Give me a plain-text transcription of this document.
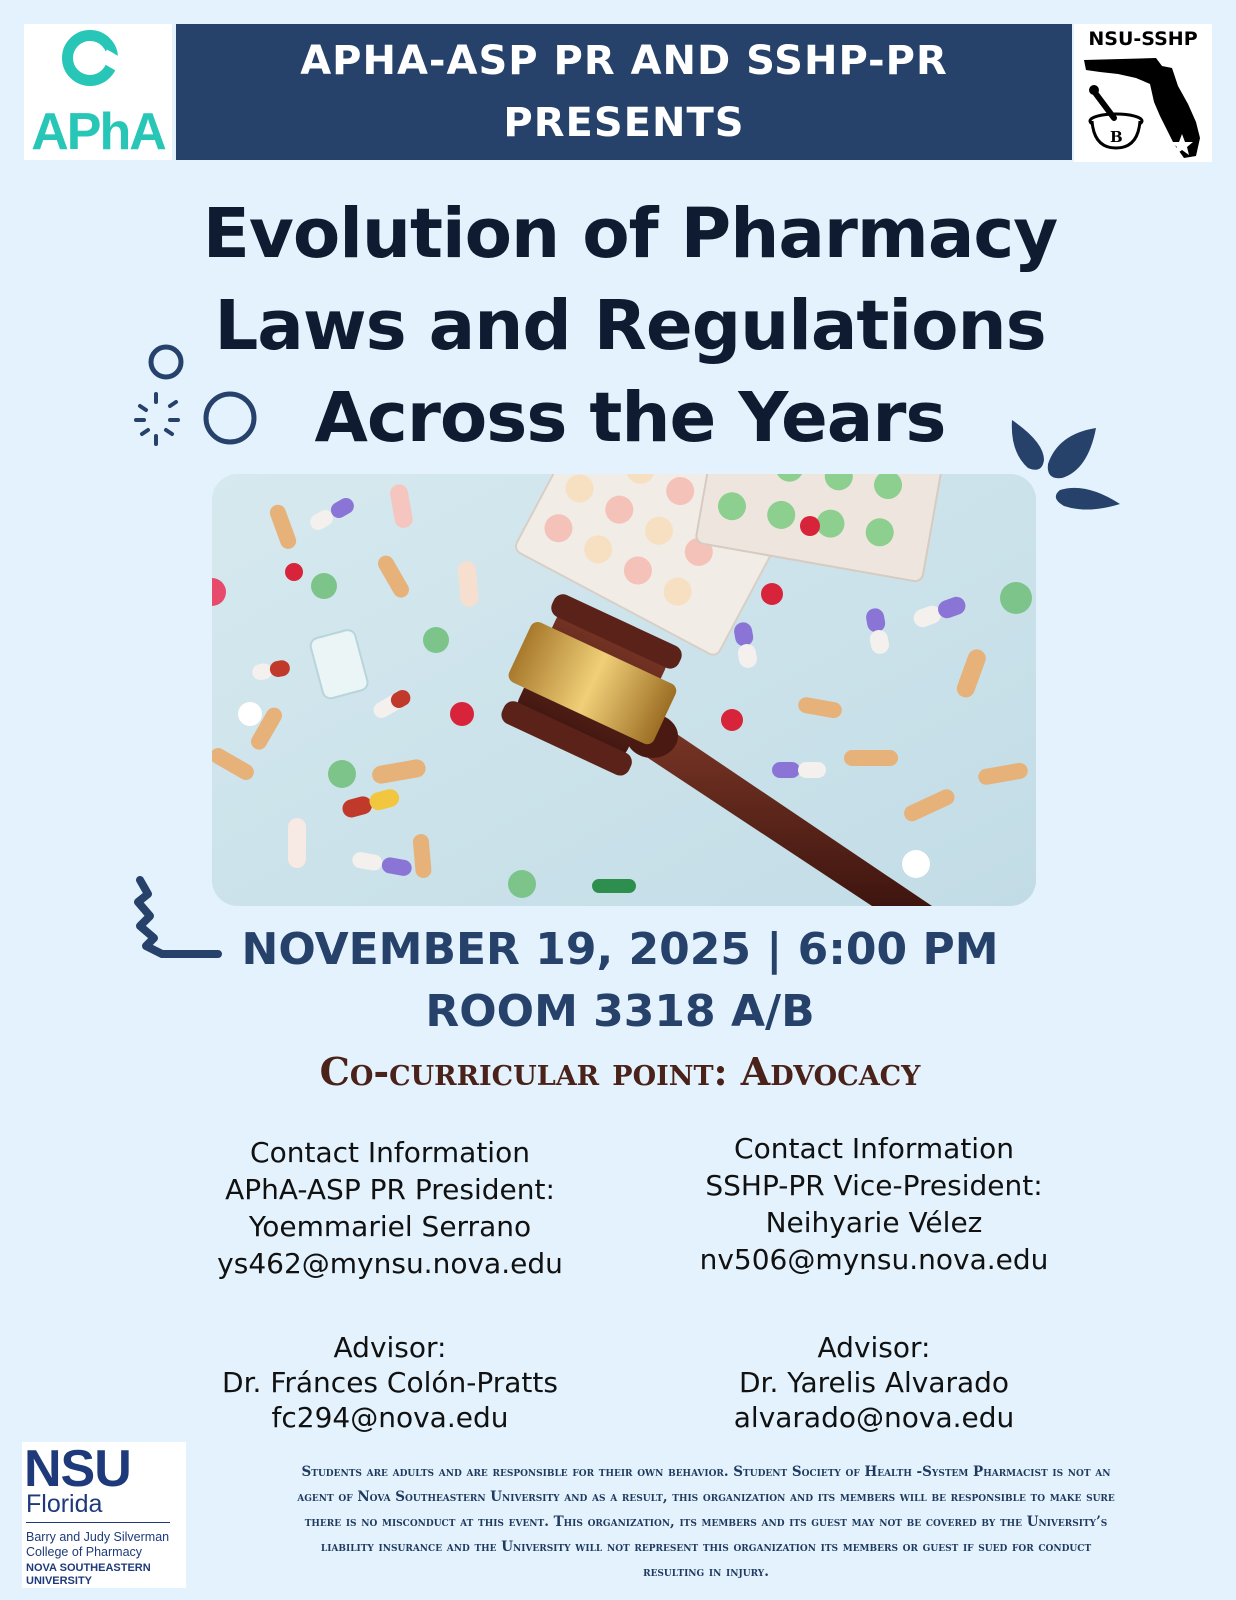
APhA
APHA-ASP PR AND SSHP-PR
PRESENTS
NSU-SSHP
B
Evolution of Pharmacy
Laws and Regulations
Across the Years
NOVEMBER 19, 2025 | 6:00 PM
ROOM 3318 A/B
Co-curricular point: Advocacy
Contact Information
APhA-ASP PR President:
Yoemmariel Serrano
ys462@mynsu.nova.edu
Contact Information
SSHP-PR Vice-President:
Neihyarie Vélez
nv506@mynsu.nova.edu
Advisor:
Dr. Fránces Colón-Pratts
fc294@nova.edu
Advisor:
Dr. Yarelis Alvarado
alvarado@nova.edu
NSU
Florida
Barry and Judy Silverman
College of Pharmacy
NOVA SOUTHEASTERN
UNIVERSITY
Students are adults and are responsible for their own behavior. Student Society of Health -System Pharmacist is not an
agent of Nova Southeastern University and as a result, this organization and its members will be responsible to make sure
there is no misconduct at this event. This organization, its members and its guest may not be covered by the University’s
liability insurance and the University will not represent this organization its members or guest if sued for conduct
resulting in injury.
